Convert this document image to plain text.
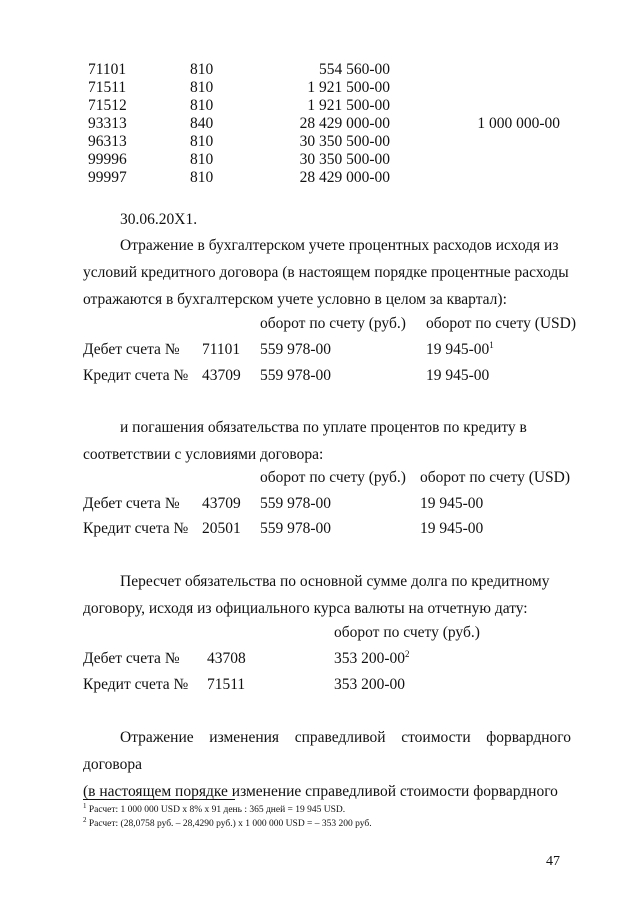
71101	810	554 560-00
71511	810	1 921 500-00
71512	810	1 921 500-00
93313	840	28 429 000-00	1 000 000-00
96313	810	30 350 500-00
99996	810	30 350 500-00
99997	810	28 429 000-00
30.06.20X1.
Отражение в бухгалтерском учете процентных расходов исходя из
условий кредитного договора (в настоящем порядке процентные расходы
отражаются в бухгалтерском учете условно в целом за квартал):
оборот по счету (руб.) оборот по счету (USD)
Дебет счета № 71101 559 978-00	19 $945-00^1$
Кредит счета № 43709 559 978-00	19 945-00
и погашения обязательства по уплате процентов по кредиту в
соответствии с условиями договора:
оборот по счету (руб.) оборот по счету (USD)
Дебет счета № 43709 559 978-00	19 945-00
Кредит счета № 20501 559 978-00	19 945-00
Пересчет обязательства по основной сумме долга по кредитному
договору, исходя из официального курса валюты на отчетную дату:
оборот по счету (руб.)
Дебет счета № 43708	353 $200-00^2$
Кредит счета № 71511	353 200-00
Отражение изменения справедливой стоимости форвардного договора
(в настоящем порядке изменение справедливой стоимости форвардного
$^1$ Расчет: 1 000 000 USD х 8% х 91 день : 365 дней = 19 945 USD.
$^2$ Расчет: (28,0758 руб. – 28,4290 руб.) х 1 000 000 USD = – 353 200 руб.
47
